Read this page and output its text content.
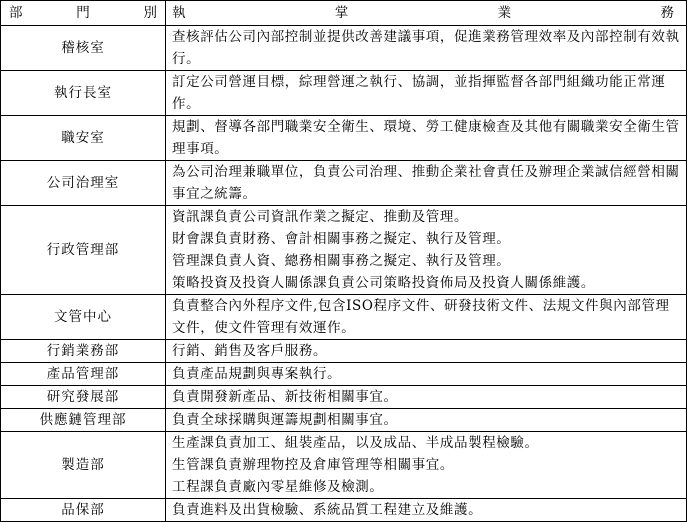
部 門 別	執 掌 業 務

稽核室	查核評估公司內部控制並提供改善建議事項，促進業務管理效率及內部控制有效執行。

執行長室	訂定公司營運目標，綜理營運之執行、協調，並指揮監督各部門組織功能正常運作。

職安室	規劃、督導各部門職業安全衛生、環境、勞工健康檢查及其他有關職業安全衛生管理事項。

公司治理室	為公司治理兼職單位，負責公司治理、推動企業社會責任及辦理企業誠信經營相關事宜之統籌。

行政管理部	資訊課負責公司資訊作業之擬定、推動及管理。
財會課負責財務、會計相關事務之擬定、執行及管理。
管理課負責人資、總務相關事務之擬定、執行及管理。
策略投資及投資人關係課負責公司策略投資佈局及投資人關係維護。

文管中心	負責整合內外程序文件,包含ISO程序文件、研發技術文件、法規文件與內部管理文件，使文件管理有效運作。

行銷業務部	行銷、銷售及客戶服務。

產品管理部	負責產品規劃與專案執行。

研究發展部	負責開發新產品、新技術相關事宜。

供應鏈管理部	負責全球採購與運籌規劃相關事宜。

製造部	生產課負責加工、組裝產品，以及成品、半成品製程檢驗。
生管課負責辦理物控及倉庫管理等相關事宜。
工程課負責廠內零星維修及檢測。

品保部	負責進料及出貨檢驗、系統品質工程建立及維護。
